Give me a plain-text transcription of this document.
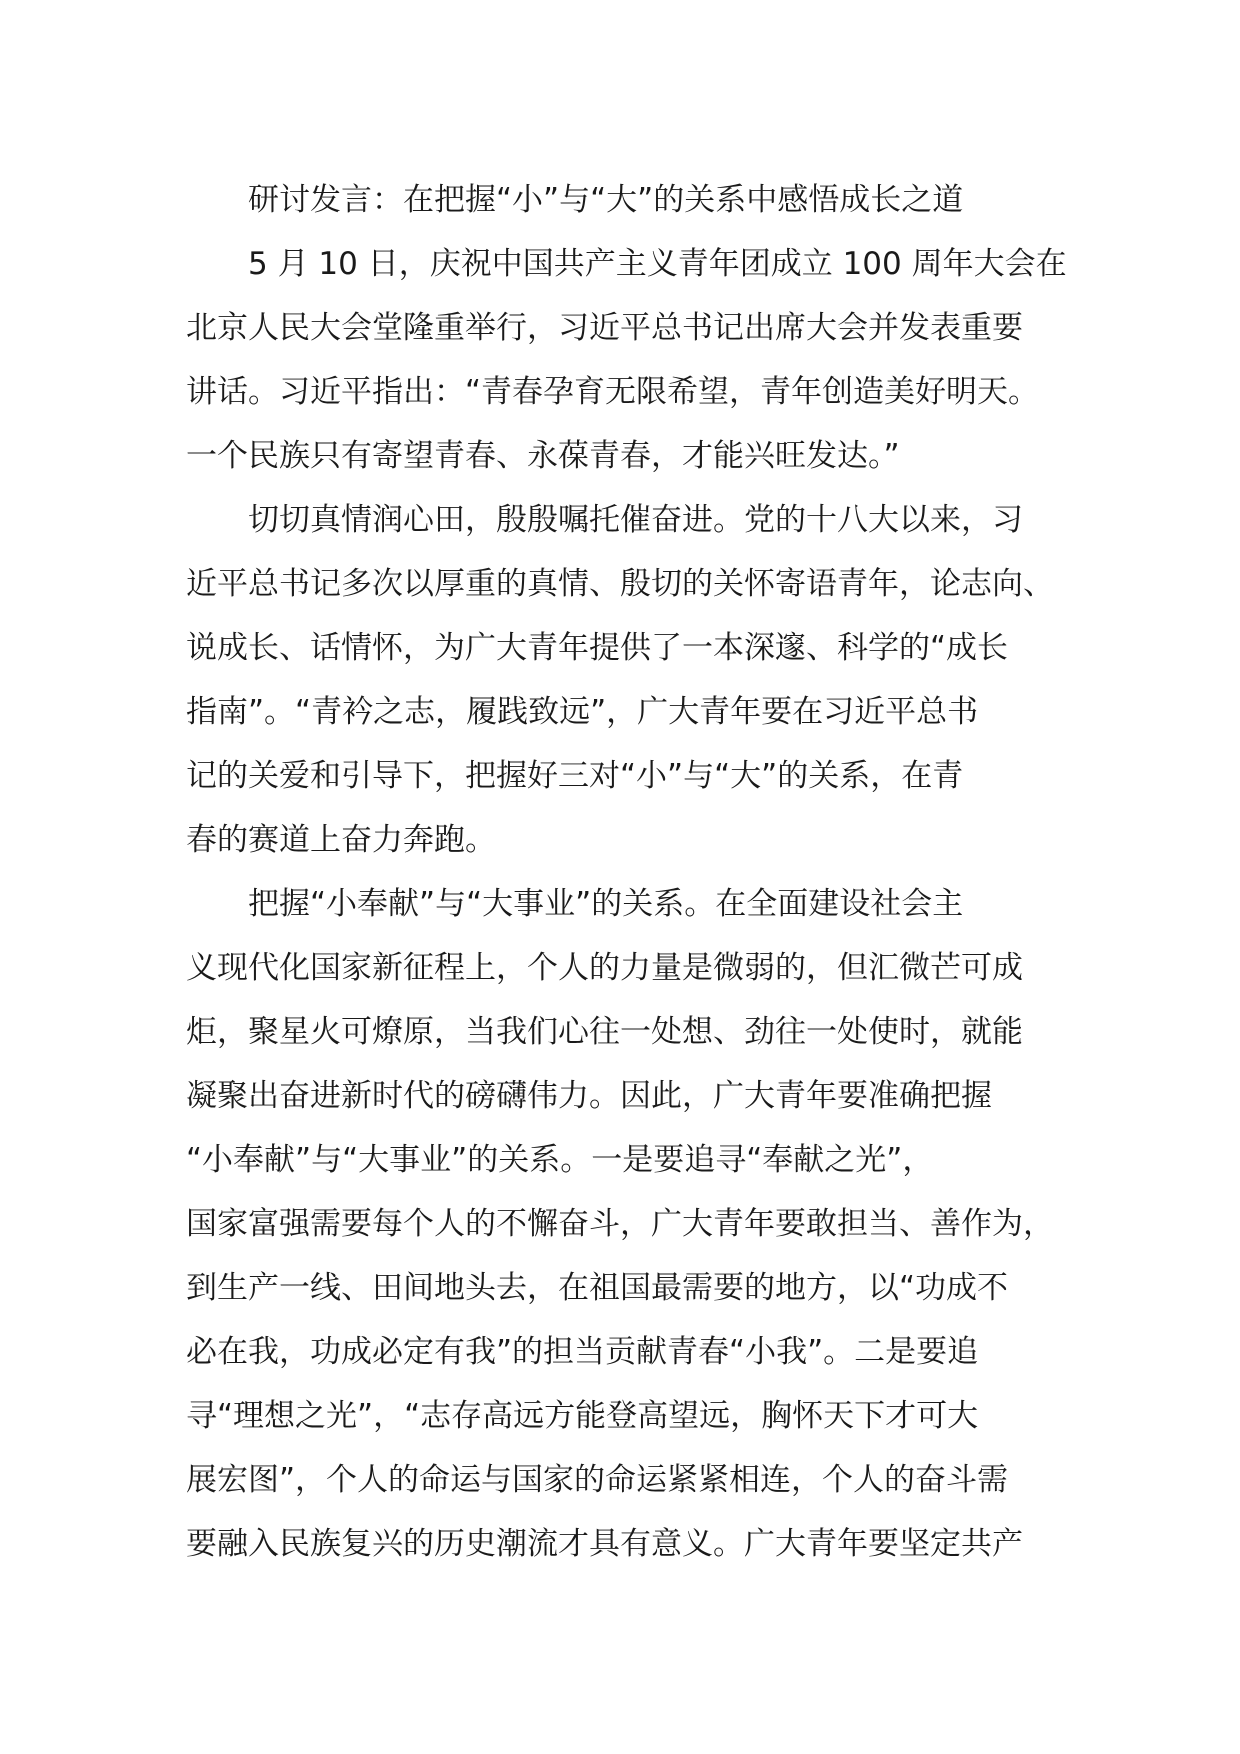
研讨发言：在把握“小”与“大”的关系中感悟成长之道
5 月 10 日，庆祝中国共产主义青年团成立 100 周年大会在
北京人民大会堂隆重举行，习近平总书记出席大会并发表重要
讲话。习近平指出：“青春孕育无限希望，青年创造美好明天。
一个民族只有寄望青春、永葆青春，才能兴旺发达。”
切切真情润心田，殷殷嘱托催奋进。党的十八大以来，习
近平总书记多次以厚重的真情、殷切的关怀寄语青年，论志向、
说成长、话情怀，为广大青年提供了一本深邃、科学的“成长
指南”。“青衿之志，履践致远”，广大青年要在习近平总书
记的关爱和引导下，把握好三对“小”与“大”的关系，在青
春的赛道上奋力奔跑。
把握“小奉献”与“大事业”的关系。在全面建设社会主
义现代化国家新征程上，个人的力量是微弱的，但汇微芒可成
炬，聚星火可燎原，当我们心往一处想、劲往一处使时，就能
凝聚出奋进新时代的磅礴伟力。因此，广大青年要准确把握
“小奉献”与“大事业”的关系。一是要追寻“奉献之光”，
国家富强需要每个人的不懈奋斗，广大青年要敢担当、善作为，
到生产一线、田间地头去，在祖国最需要的地方，以“功成不
必在我，功成必定有我”的担当贡献青春“小我”。二是要追
寻“理想之光”，“志存高远方能登高望远，胸怀天下才可大
展宏图”，个人的命运与国家的命运紧紧相连，个人的奋斗需
要融入民族复兴的历史潮流才具有意义。广大青年要坚定共产
